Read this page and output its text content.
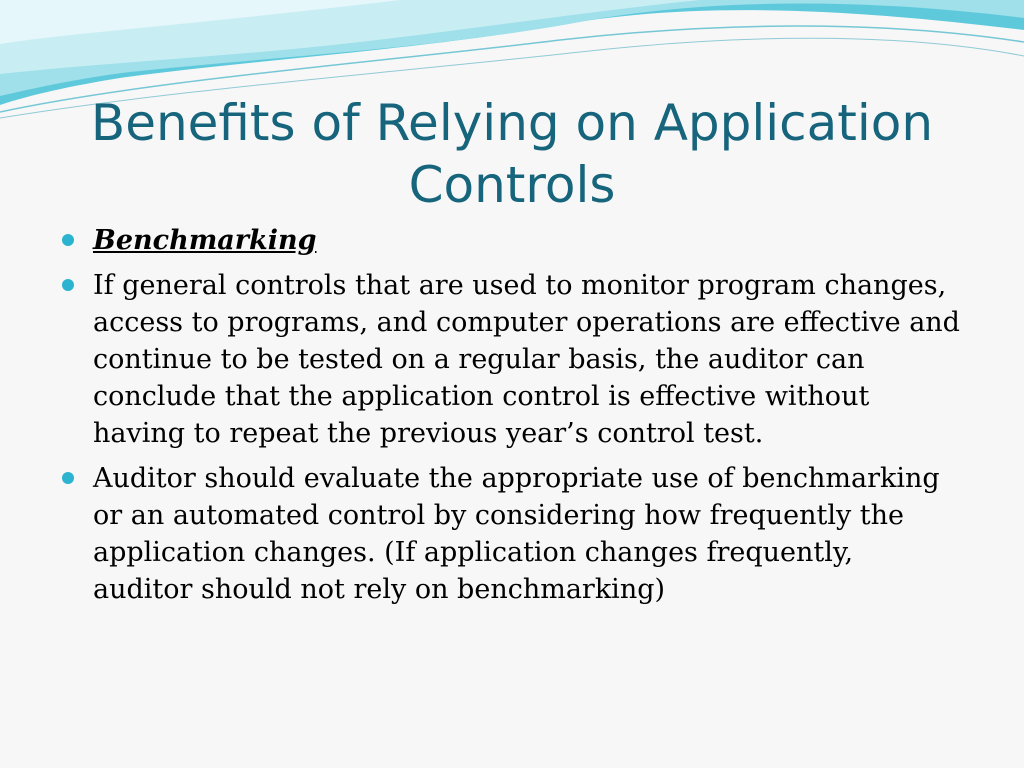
Benefits of Relying on Application Controls
Benchmarking
If general controls that are used to monitor program changes, access to programs, and computer operations are effective and continue to be tested on a regular basis, the auditor can conclude that the application control is effective without having to repeat the previous year’s control test.
Auditor should evaluate the appropriate use of benchmarking or an automated control by considering how frequently the application changes. (If application changes frequently, auditor should not rely on benchmarking)
